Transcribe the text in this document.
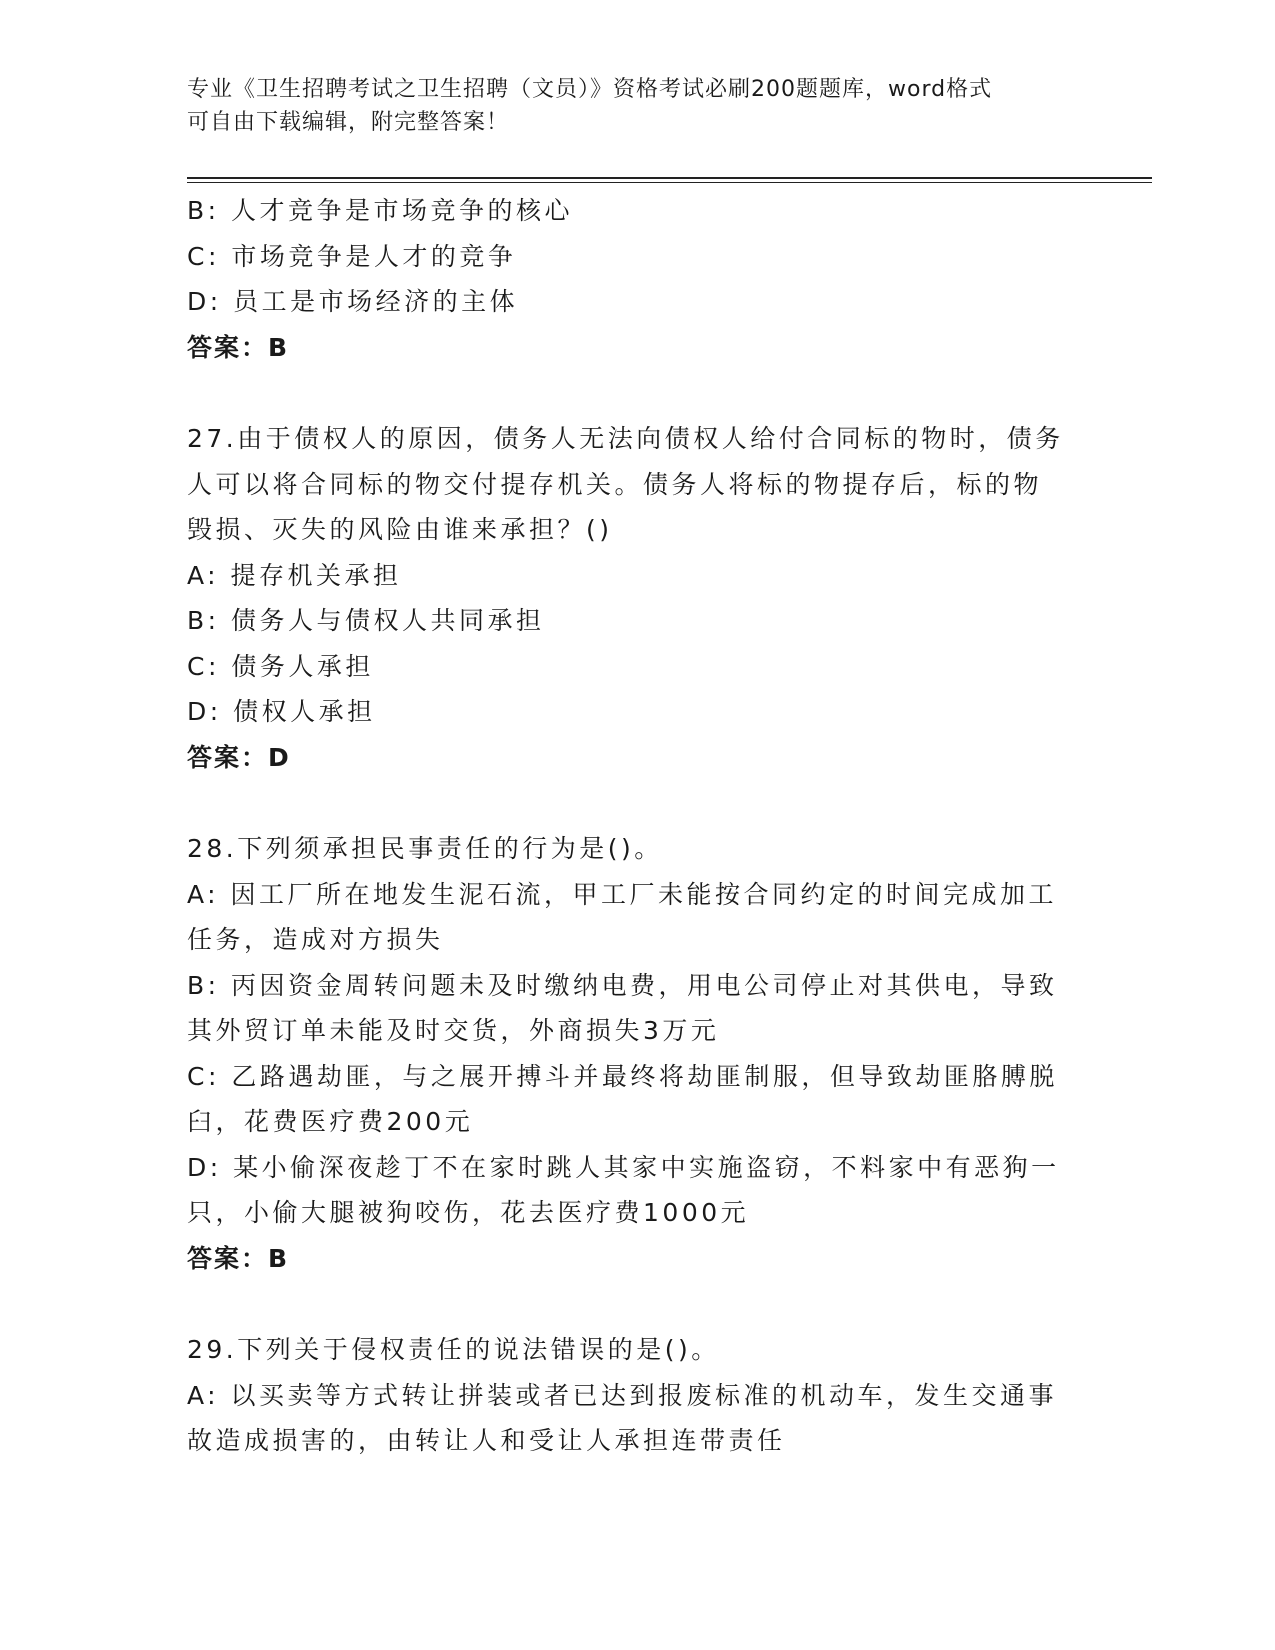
专业《卫生招聘考试之卫生招聘（文员）》资格考试必刷200题题库，word格式
可自由下载编辑，附完整答案！

B: 人才竞争是市场竞争的核心

C: 市场竞争是人才的竞争

D: 员工是市场经济的主体

答案：B

27.由于债权人的原因，债务人无法向债权人给付合同标的物时，债务

人可以将合同标的物交付提存机关。债务人将标的物提存后，标的物

毁损、灭失的风险由谁来承担？()

A: 提存机关承担

B: 债务人与债权人共同承担

C: 债务人承担

D: 债权人承担

答案：D

28.下列须承担民事责任的行为是()。

A: 因工厂所在地发生泥石流，甲工厂未能按合同约定的时间完成加工

任务，造成对方损失

B: 丙因资金周转问题未及时缴纳电费，用电公司停止对其供电，导致

其外贸订单未能及时交货，外商损失3万元

C: 乙路遇劫匪，与之展开搏斗并最终将劫匪制服，但导致劫匪胳膊脱

臼，花费医疗费200元

D: 某小偷深夜趁丁不在家时跳人其家中实施盗窃，不料家中有恶狗一

只，小偷大腿被狗咬伤，花去医疗费1000元

答案：B

29.下列关于侵权责任的说法错误的是()。

A: 以买卖等方式转让拼装或者已达到报废标准的机动车，发生交通事

故造成损害的，由转让人和受让人承担连带责任
